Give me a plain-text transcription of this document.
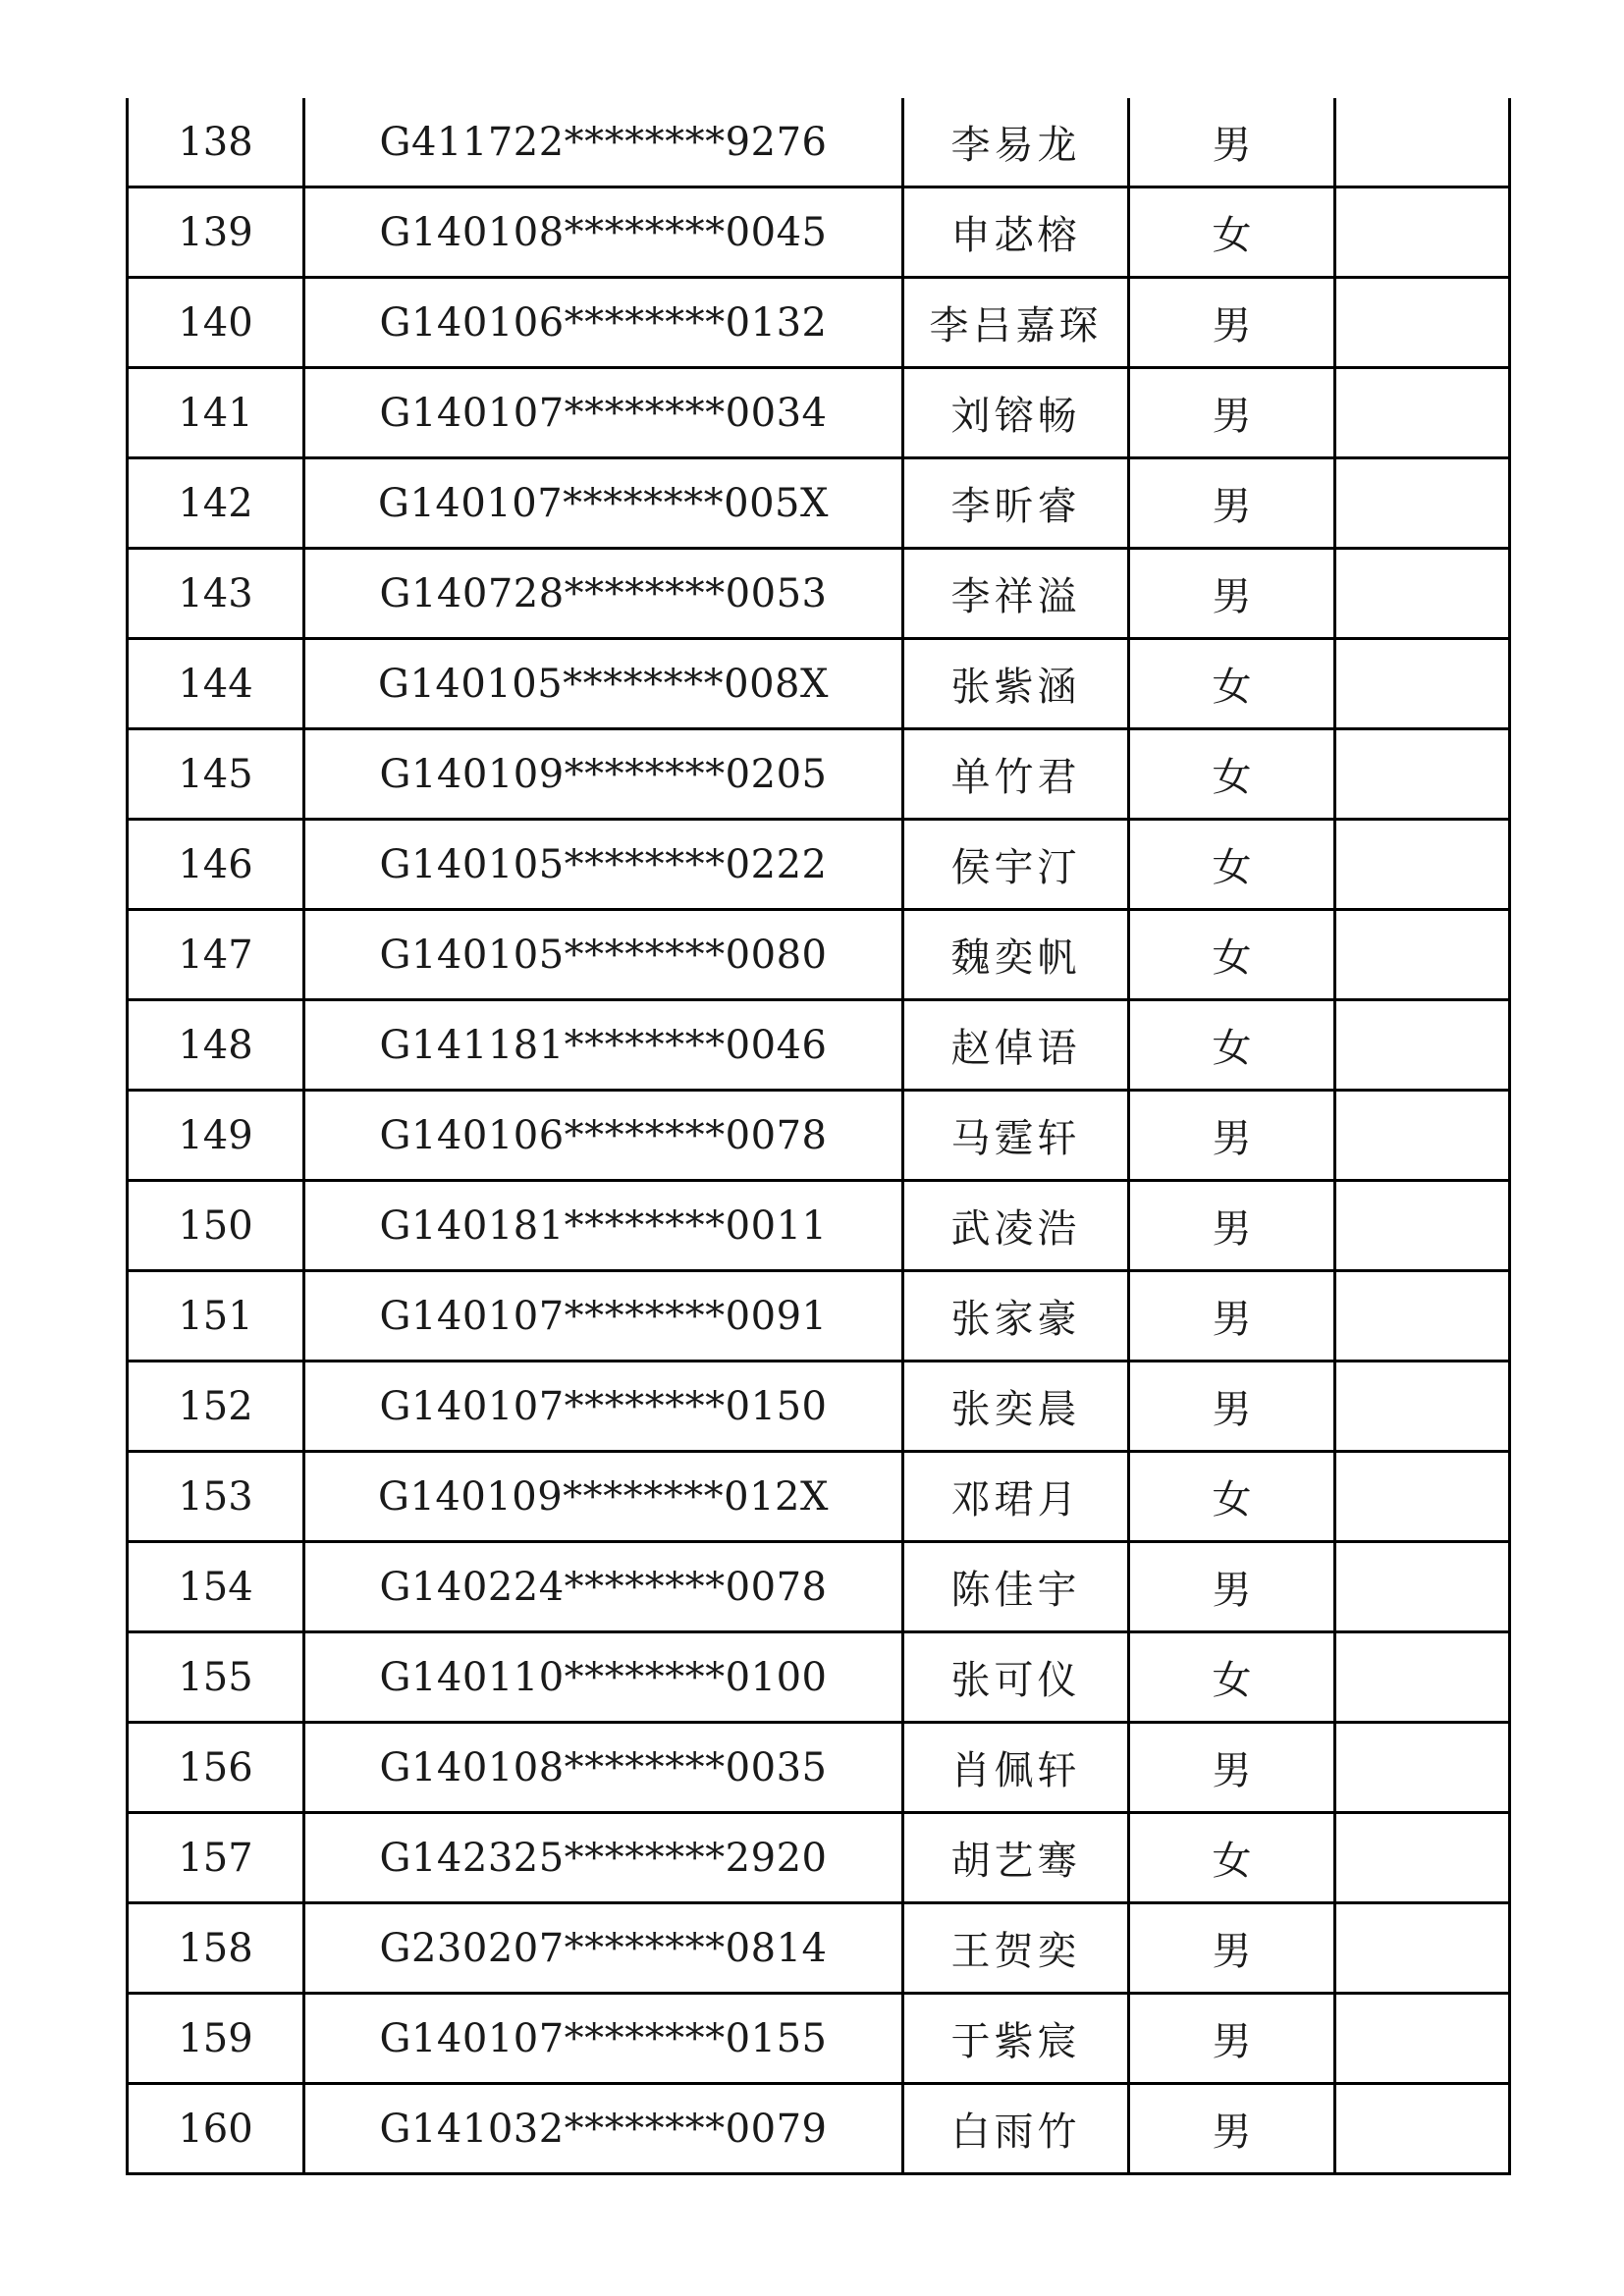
138	G411722********9276	李易龙	男	
139	G140108********0045	申苾榕	女	
140	G140106********0132	李吕嘉琛	男	
141	G140107********0034	刘镕畅	男	
142	G140107********005X	李昕睿	男	
143	G140728********0053	李祥溢	男	
144	G140105********008X	张紫涵	女	
145	G140109********0205	单竹君	女	
146	G140105********0222	侯宇汀	女	
147	G140105********0080	魏奕帆	女	
148	G141181********0046	赵倬语	女	
149	G140106********0078	马霆轩	男	
150	G140181********0011	武凌浩	男	
151	G140107********0091	张家豪	男	
152	G140107********0150	张奕晨	男	
153	G140109********012X	邓珺月	女	
154	G140224********0078	陈佳宇	男	
155	G140110********0100	张可仪	女	
156	G140108********0035	肖佩轩	男	
157	G142325********2920	胡艺骞	女	
158	G230207********0814	王贺奕	男	
159	G140107********0155	于紫宸	男	
160	G141032********0079	白雨竹	男	
